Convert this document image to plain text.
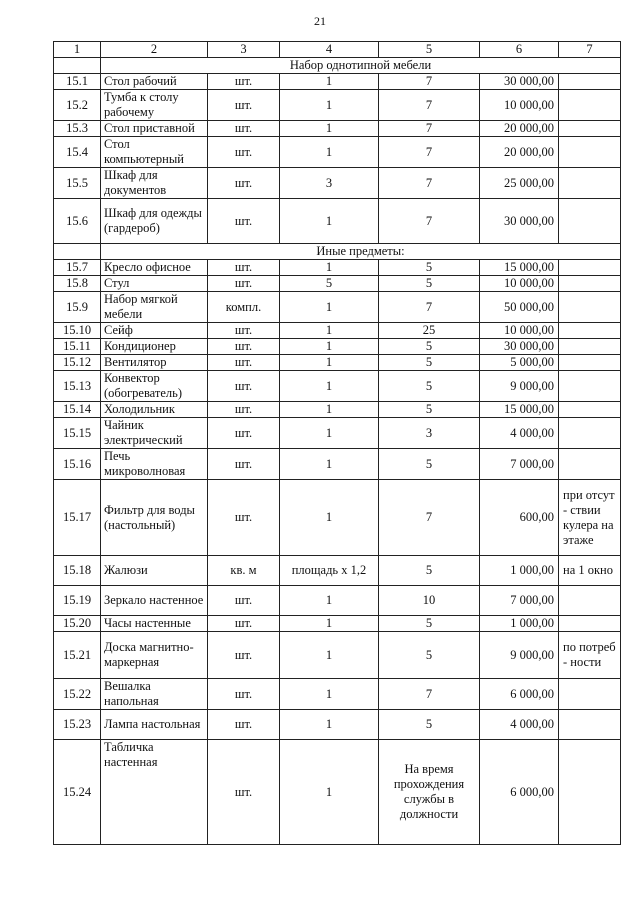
21
1	2	3	4	5	6	7
	Набор однотипной мебели					
15.1	Стол рабочий	шт.	1	7	30 000,00	
15.2	Тумба к столу рабочему	шт.	1	7	10 000,00	
15.3	Стол приставной	шт.	1	7	20 000,00	
15.4	Стол компьютерный	шт.	1	7	20 000,00	
15.5	Шкаф для документов	шт.	3	7	25 000,00	
15.6	Шкаф для одежды (гардероб)	шт.	1	7	30 000,00	
	Иные предметы:					
15.7	Кресло офисное	шт.	1	5	15 000,00	
15.8	Стул	шт.	5	5	10 000,00	
15.9	Набор мягкой мебели	компл.	1	7	50 000,00	
15.10	Сейф	шт.	1	25	10 000,00	
15.11	Кондиционер	шт.	1	5	30 000,00	
15.12	Вентилятор	шт.	1	5	5 000,00	
15.13	Конвектор (обогреватель)	шт.	1	5	9 000,00	
15.14	Холодильник	шт.	1	5	15 000,00	
15.15	Чайник электрический	шт.	1	3	4 000,00	
15.16	Печь микроволновая	шт.	1	5	7 000,00	
15.17	Фильтр для воды (настольный)	шт.	1	7	600,00	при отсут - ствии кулера на этаже
15.18	Жалюзи	кв. м	площадь х 1,2	5	1 000,00	на 1 окно
15.19	Зеркало настенное	шт.	1	10	7 000,00	
15.20	Часы настенные	шт.	1	5	1 000,00	
15.21	Доска магнитно-маркерная	шт.	1	5	9 000,00	по потреб - ности
15.22	Вешалка напольная	шт.	1	7	6 000,00	
15.23	Лампа настольная	шт.	1	5	4 000,00	
15.24	Табличка настенная	шт.	1	На время прохождения службы в должности	6 000,00	
